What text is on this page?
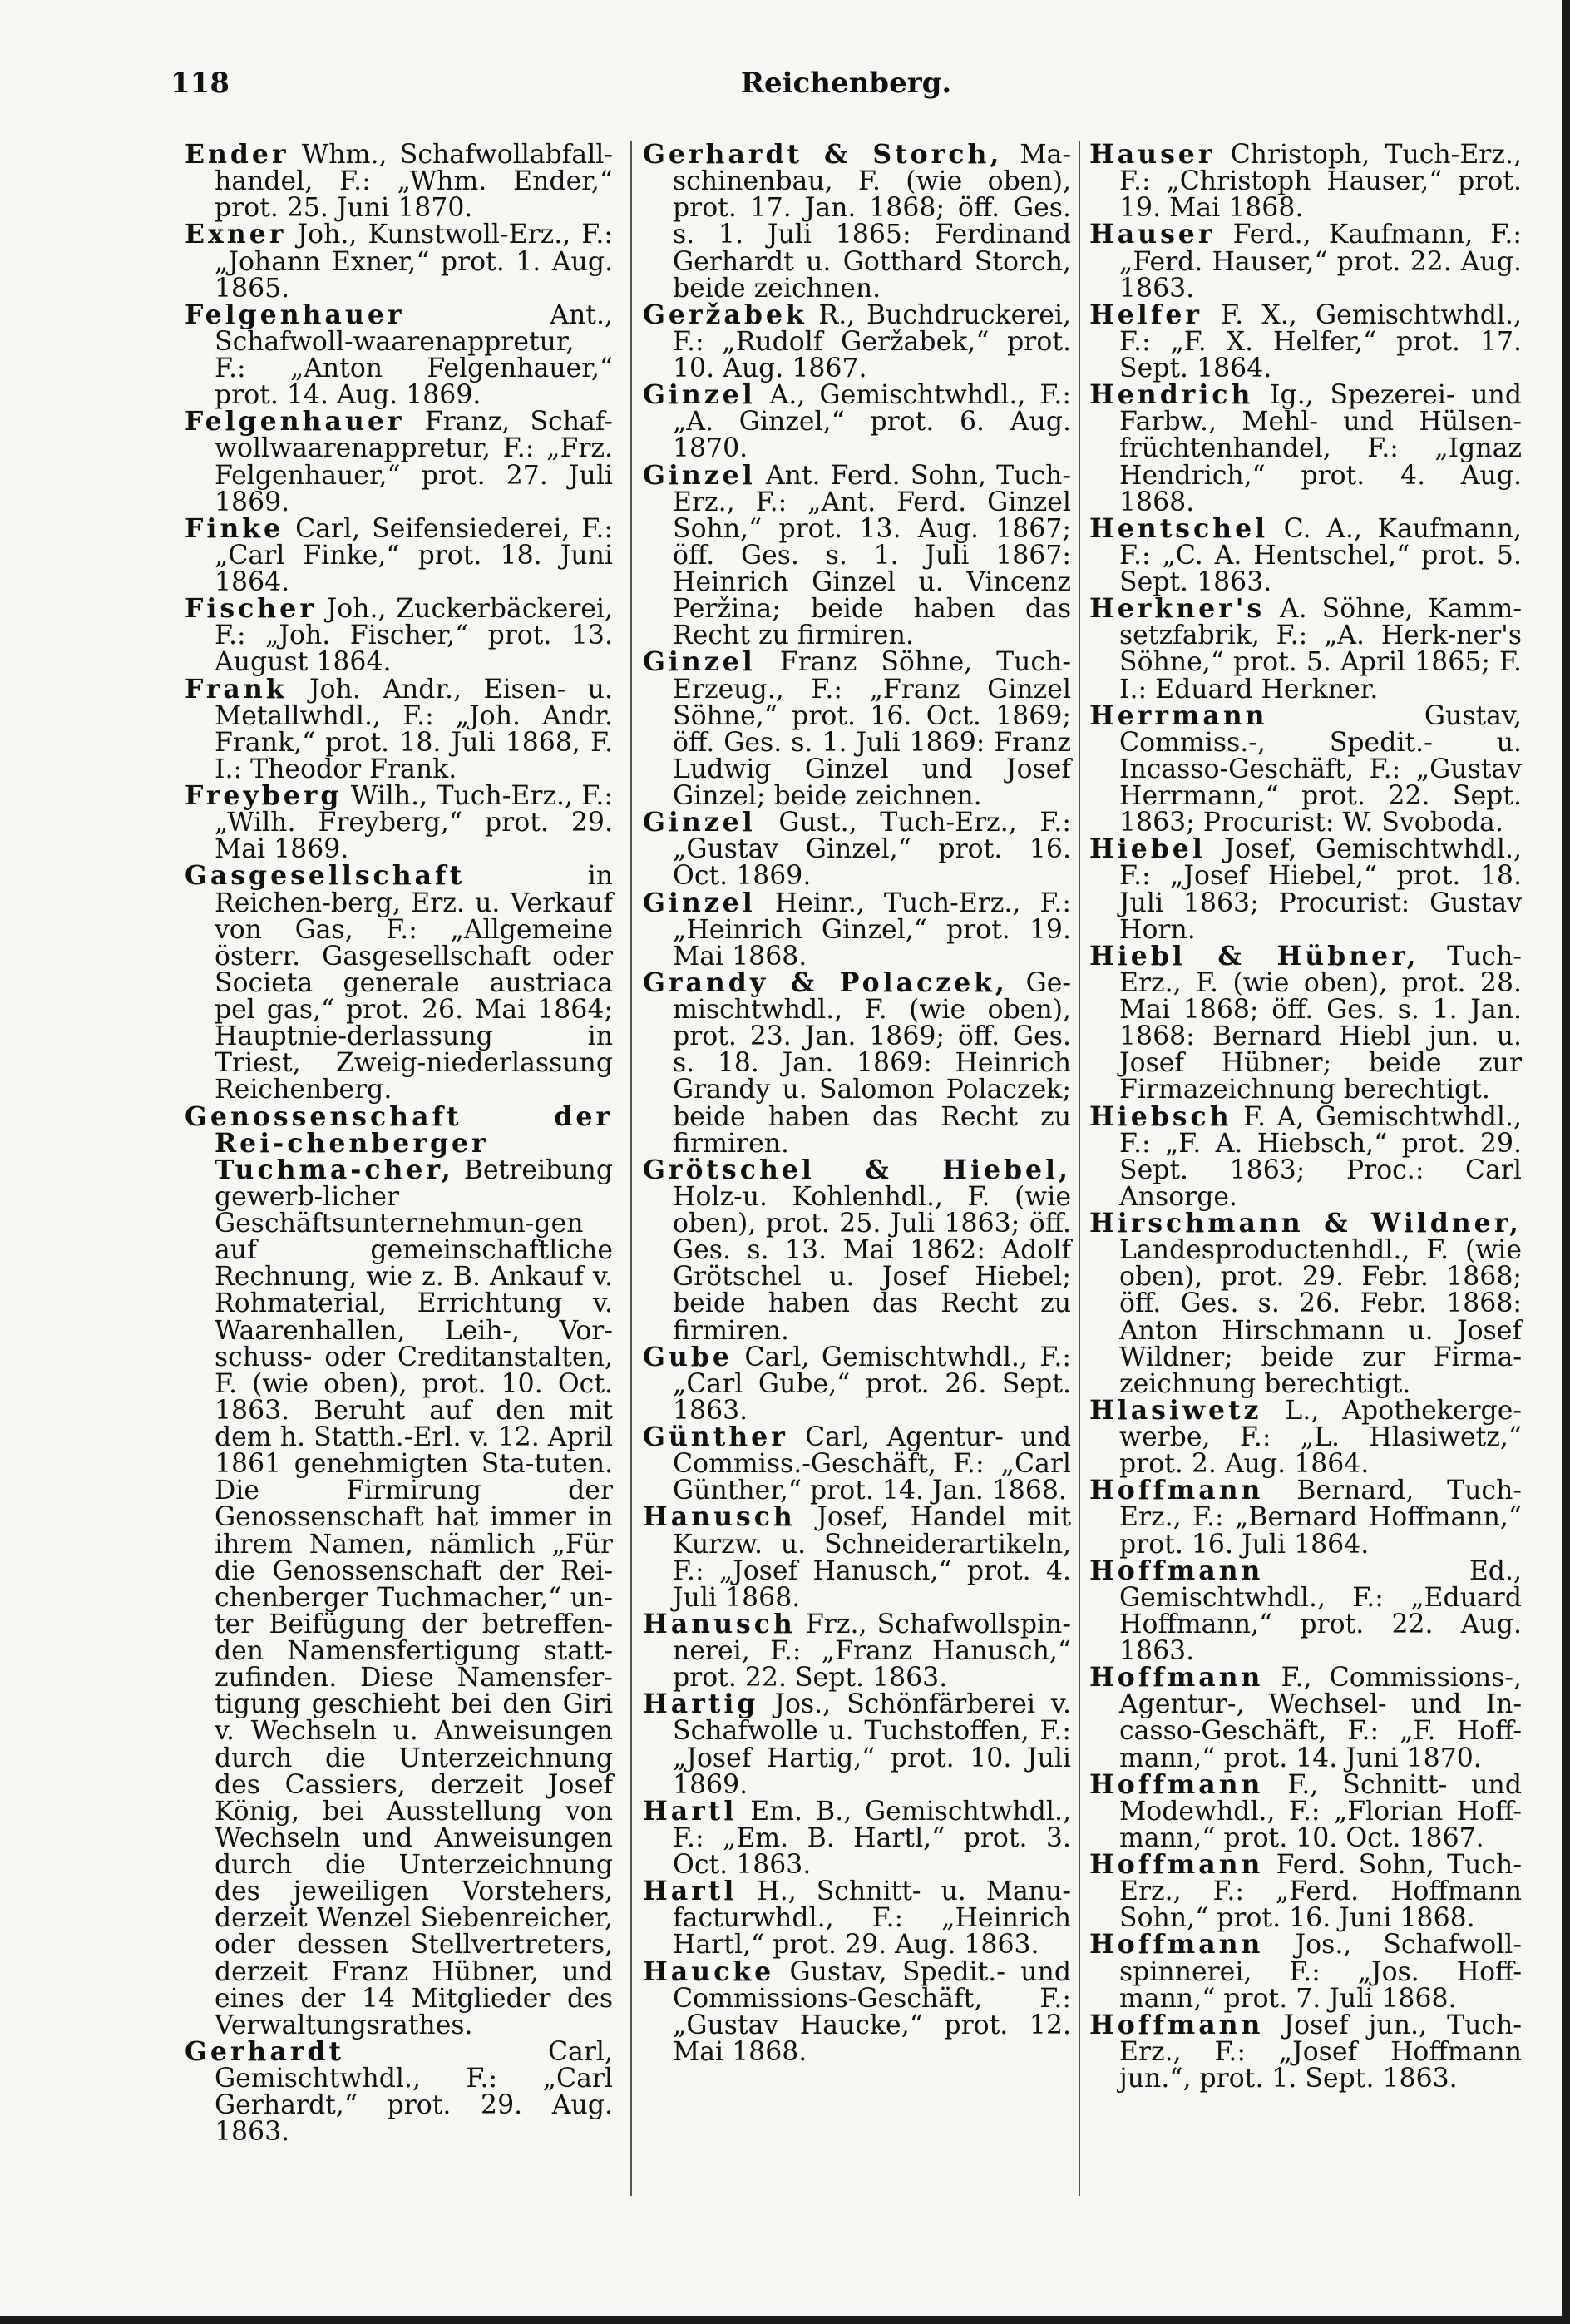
118	Reichenberg.

Ender Whm., Schafwollabfall-handel, F.: „Whm. Ender,“ prot. 25. Juni 1870.

Exner Joh., Kunstwoll-Erz., F.: „Johann Exner,“ prot. 1. Aug. 1865.

Felgenhauer	Ant., Schafwoll-waarenappretur, F.: „Anton Felgenhauer,“ prot. 14. Aug. 1869.

Felgenhauer Franz, Schaf-wollwaarenappretur, F.: „Frz. Felgenhauer,“ prot. 27. Juli 1869.

Finke Carl, Seifensiederei, F.: „Carl Finke,“ prot. 18. Juni 1864.

Fischer Joh., Zuckerbäckerei, F.: „Joh. Fischer,“ prot. 13. August 1864.

Frank Joh. Andr., Eisen- u. Metallwhdl., F.: „Joh. Andr. Frank,“ prot. 18. Juli 1868, F. I.: Theodor Frank.

Freyberg Wilh., Tuch-Erz., F.: „Wilh. Freyberg,“ prot. 29. Mai 1869.

Gasgesellschaft	in Reichen-berg, Erz. u. Verkauf von Gas, F.: „Allgemeine österr. Gasgesellschaft oder Societa generale austriaca pel gas,“ prot. 26. Mai 1864; Hauptnie-derlassung in Triest, Zweig-niederlassung Reichenberg.

Genossenschaft der Rei-chenberger Tuchma-cher, Betreibung gewerb-licher Geschäftsunternehmun-gen auf gemeinschaftliche Rechnung, wie z. B. Ankauf v. Rohmaterial, Errichtung v. Waarenhallen, Leih-, Vor-schuss- oder Creditanstalten, F. (wie oben), prot. 10. Oct. 1863. Beruht auf den mit dem h. Statth.-Erl. v. 12. April 1861 genehmigten Sta-tuten. Die Firmirung der Genossenschaft hat immer in ihrem Namen, nämlich „Für die Genossenschaft der Rei-chenberger Tuchmacher,“ un-ter Beifügung der betreffen-den Namensfertigung statt-zufinden. Diese Namensfer-tigung geschieht bei den Giri v. Wechseln u. Anweisungen durch die Unterzeichnung des Cassiers, derzeit Josef König, bei Ausstellung von Wechseln und Anweisungen durch die Unterzeichnung des jeweiligen Vorstehers, derzeit Wenzel Siebenreicher, oder dessen Stellvertreters, derzeit Franz Hübner, und eines der 14 Mitglieder des Verwaltungsrathes.

Gerhardt	Carl, Gemischtwhdl., F.: „Carl Gerhardt,“ prot. 29. Aug. 1863.

Gerhardt & Storch, Ma-schinenbau, F. (wie oben), prot. 17. Jan. 1868; öff. Ges. s. 1. Juli 1865: Ferdinand Gerhardt u. Gotthard Storch, beide zeichnen.

Geržabek R., Buchdruckerei, F.: „Rudolf Geržabek,“ prot. 10. Aug. 1867.

Ginzel A., Gemischtwhdl., F.: „A. Ginzel,“ prot. 6. Aug. 1870.

Ginzel Ant. Ferd. Sohn, Tuch-Erz., F.: „Ant. Ferd. Ginzel Sohn,“ prot. 13. Aug. 1867; öff. Ges. s. 1. Juli 1867: Heinrich Ginzel u. Vincenz Peržina; beide haben das Recht zu firmiren.

Ginzel Franz Söhne, Tuch-Erzeug., F.: „Franz Ginzel Söhne,“ prot. 16. Oct. 1869; öff. Ges. s. 1. Juli 1869: Franz Ludwig Ginzel und Josef Ginzel; beide zeichnen.

Ginzel Gust., Tuch-Erz., F.: „Gustav Ginzel,“ prot. 16. Oct. 1869.

Ginzel Heinr., Tuch-Erz., F.: „Heinrich Ginzel,“ prot. 19. Mai 1868.

Grandy & Polaczek, Ge-mischtwhdl., F. (wie oben), prot. 23. Jan. 1869; öff. Ges. s. 18. Jan. 1869: Heinrich Grandy u. Salomon Polaczek; beide haben das Recht zu firmiren.

Grötschel & Hiebel, Holz-u. Kohlenhdl., F. (wie oben), prot. 25. Juli 1863; öff. Ges. s. 13. Mai 1862: Adolf Grötschel u. Josef Hiebel; beide haben das Recht zu firmiren.

Gube Carl, Gemischtwhdl., F.: „Carl Gube,“ prot. 26. Sept. 1863.

Günther Carl, Agentur- und Commiss.-Geschäft, F.: „Carl Günther,“ prot. 14. Jan. 1868.

Hanusch Josef, Handel mit Kurzw. u. Schneiderartikeln, F.: „Josef Hanusch,“ prot. 4. Juli 1868.

Hanusch Frz., Schafwollspin-nerei, F.: „Franz Hanusch,“ prot. 22. Sept. 1863.

Hartig Jos., Schönfärberei v. Schafwolle u. Tuchstoffen, F.: „Josef Hartig,“ prot. 10. Juli 1869.

Hartl Em. B., Gemischtwhdl., F.: „Em. B. Hartl,“ prot. 3. Oct. 1863.

Hartl H., Schnitt- u. Manu-facturwhdl., F.: „Heinrich Hartl,“ prot. 29. Aug. 1863.

Haucke Gustav, Spedit.- und Commissions-Geschäft, F.: „Gustav Haucke,“ prot. 12. Mai 1868.

Hauser Christoph, Tuch-Erz., F.: „Christoph Hauser,“ prot. 19. Mai 1868.

Hauser Ferd., Kaufmann, F.: „Ferd. Hauser,“ prot. 22. Aug. 1863.

Helfer F. X., Gemischtwhdl., F.: „F. X. Helfer,“ prot. 17. Sept. 1864.

Hendrich Ig., Spezerei- und Farbw., Mehl- und Hülsen-früchtenhandel, F.: „Ignaz Hendrich,“ prot. 4. Aug. 1868.

Hentschel C. A., Kaufmann, F.: „C. A. Hentschel,“ prot. 5. Sept. 1863.

Herkner's A. Söhne, Kamm-setzfabrik, F.: „A. Herk-ner's Söhne,“ prot. 5. April 1865; F. I.: Eduard Herkner.

Herrmann	Gustav, Commiss.-, Spedit.- u. Incasso-Geschäft, F.: „Gustav Herrmann,“ prot. 22. Sept. 1863; Procurist: W. Svoboda.

Hiebel Josef, Gemischtwhdl., F.: „Josef Hiebel,“ prot. 18. Juli 1863; Procurist: Gustav Horn.

Hiebl & Hübner, Tuch-Erz., F. (wie oben), prot. 28. Mai 1868; öff. Ges. s. 1. Jan. 1868: Bernard Hiebl jun. u. Josef Hübner; beide zur Firmazeichnung berechtigt.

Hiebsch F. A, Gemischtwhdl., F.: „F. A. Hiebsch,“ prot. 29. Sept. 1863; Proc.: Carl Ansorge.

Hirschmann & Wildner, Landesproductenhdl., F. (wie oben), prot. 29. Febr. 1868; öff. Ges. s. 26. Febr. 1868: Anton Hirschmann u. Josef Wildner; beide zur Firma-zeichnung berechtigt.

Hlasiwetz L., Apothekerge-werbe, F.: „L. Hlasiwetz,“ prot. 2. Aug. 1864.

Hoffmann Bernard, Tuch-Erz., F.: „Bernard Hoffmann,“ prot. 16. Juli 1864.

Hoffmann	Ed., Gemischtwhdl., F.: „Eduard Hoffmann,“ prot. 22. Aug. 1863.

Hoffmann F., Commissions-, Agentur-, Wechsel- und In-casso-Geschäft, F.: „F. Hoff-mann,“ prot. 14. Juni 1870.

Hoffmann F., Schnitt- und Modewhdl., F.: „Florian Hoff-mann,“ prot. 10. Oct. 1867.

Hoffmann Ferd. Sohn, Tuch-Erz., F.: „Ferd. Hoffmann Sohn,“ prot. 16. Juni 1868.

Hoffmann Jos., Schafwoll-spinnerei, F.: „Jos. Hoff-mann,“ prot. 7. Juli 1868.

Hoffmann Josef jun., Tuch-Erz., F.: „Josef Hoffmann jun.“, prot. 1. Sept. 1863.
